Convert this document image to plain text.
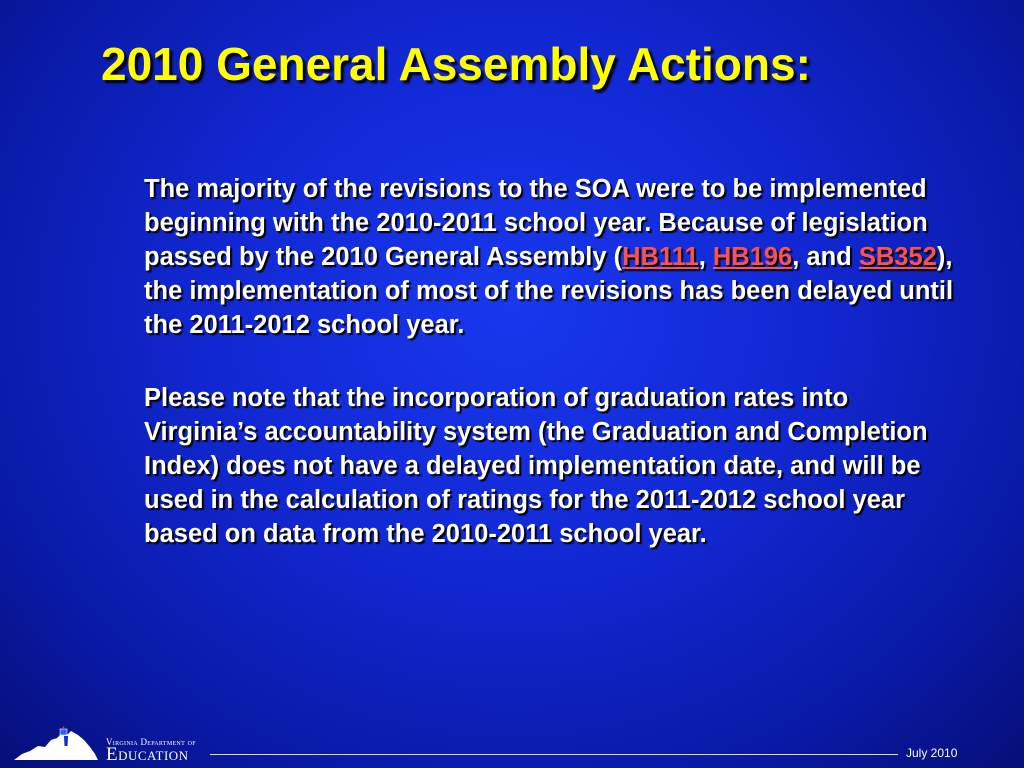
2010 General Assembly Actions:

The majority of the revisions to the SOA were to be implemented beginning with the 2010-2011 school year. Because of legislation passed by the 2010 General Assembly (HB111, HB196, and SB352), the implementation of most of the revisions has been delayed until the 2011-2012 school year.

Please note that the incorporation of graduation rates into Virginia’s accountability system (the Graduation and Completion Index) does not have a delayed implementation date, and will be used in the calculation of ratings for the 2011-2012 school year based on data from the 2010-2011 school year.

Virginia Department of
Education	July 2010
